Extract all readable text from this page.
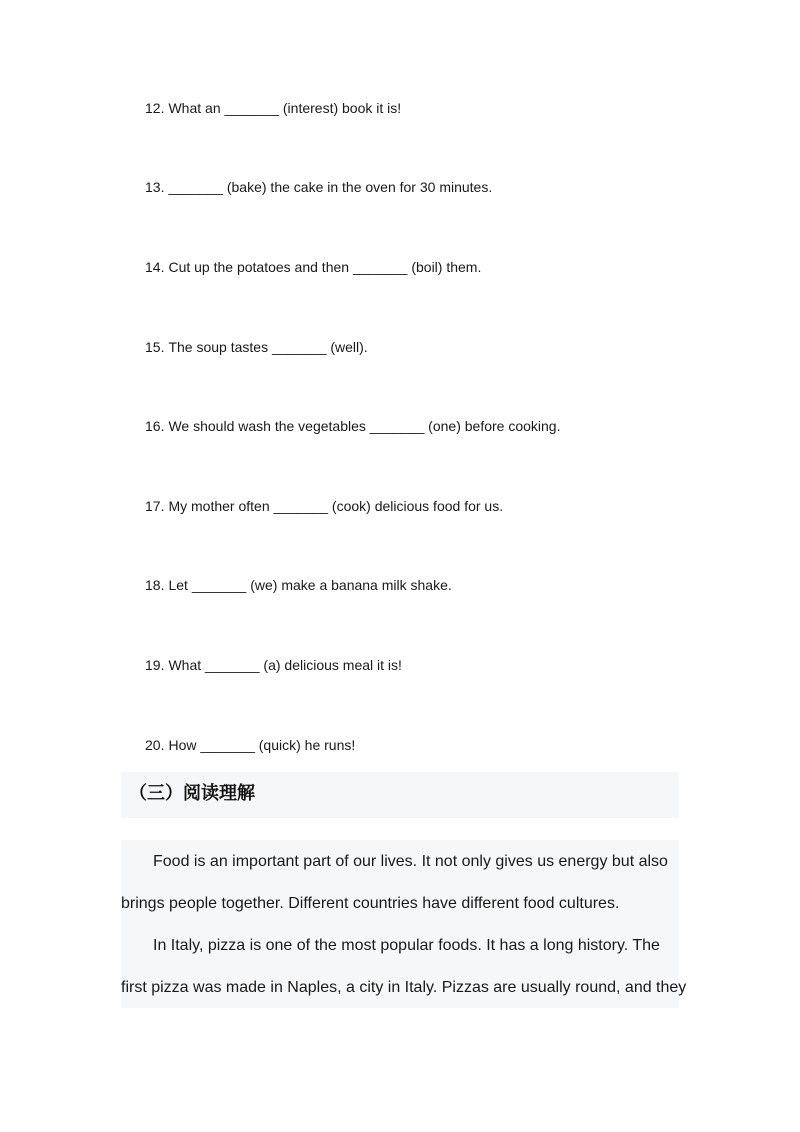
12. What an _______ (interest) book it is!
13. _______ (bake) the cake in the oven for 30 minutes.
14. Cut up the potatoes and then _______ (boil) them.
15. The soup tastes _______ (well).
16. We should wash the vegetables _______ (one) before cooking.
17. My mother often _______ (cook) delicious food for us.
18. Let _______ (we) make a banana milk shake.
19. What _______ (a) delicious meal it is!
20. How _______ (quick) he runs!
（三）阅读理解
Food is an important part of our lives. It not only gives us energy but also
brings people together. Different countries have different food cultures.
In Italy, pizza is one of the most popular foods. It has a long history. The
first pizza was made in Naples, a city in Italy. Pizzas are usually round, and they
